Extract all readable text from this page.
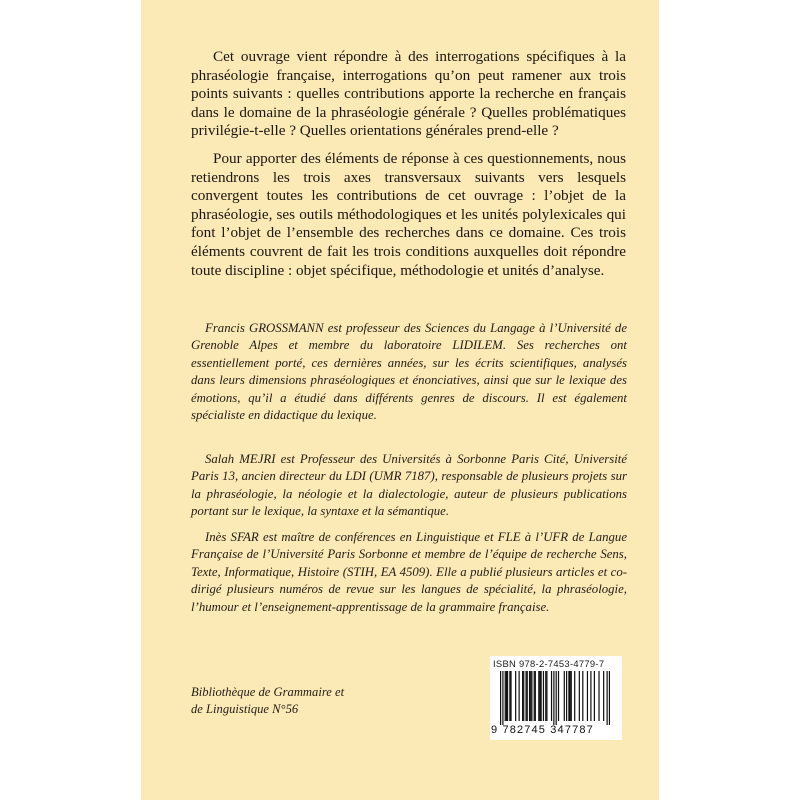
Cet ouvrage vient répondre à des interrogations spécifiques à la phraséologie française, interrogations qu’on peut ramener aux trois points suivants : quelles contributions apporte la recherche en français dans le domaine de la phraséologie générale ? Quelles problématiques privilégie-t-elle ? Quelles orientations générales prend-elle ?

Pour apporter des éléments de réponse à ces questionnements, nous retiendrons les trois axes transversaux suivants vers lesquels convergent toutes les contributions de cet ouvrage : l’objet de la phraséologie, ses outils méthodologiques et les unités polylexicales qui font l’objet de l’ensemble des recherches dans ce domaine. Ces trois éléments couvrent de fait les trois conditions auxquelles doit répondre toute discipline : objet spécifique, méthodologie et unités d’analyse.

Francis GROSSMANN est professeur des Sciences du Langage à l’Université de Grenoble Alpes et membre du laboratoire LIDILEM. Ses recherches ont essentiellement porté, ces dernières années, sur les écrits scientifiques, analysés dans leurs dimensions phraséologiques et énonciatives, ainsi que sur le lexique des émotions, qu’il a étudié dans différents genres de discours. Il est également spécialiste en didactique du lexique.

Salah MEJRI est Professeur des Universités à Sorbonne Paris Cité, Université Paris 13, ancien directeur du LDI (UMR 7187), responsable de plusieurs projets sur la phraséologie, la néologie et la dialectologie, auteur de plusieurs publications portant sur le lexique, la syntaxe et la sémantique.

Inès SFAR est maître de conférences en Linguistique et FLE à l’UFR de Langue Française de l’Université Paris Sorbonne et membre de l’équipe de recherche Sens, Texte, Informatique, Histoire (STIH, EA 4509). Elle a publié plusieurs articles et co-dirigé plusieurs numéros de revue sur les langues de spécialité, la phraséologie, l’humour et l’enseignement-apprentissage de la grammaire française.

Bibliothèque de Grammaire et
de Linguistique N°56

ISBN 978-2-7453-4779-7
9 782745 347787
